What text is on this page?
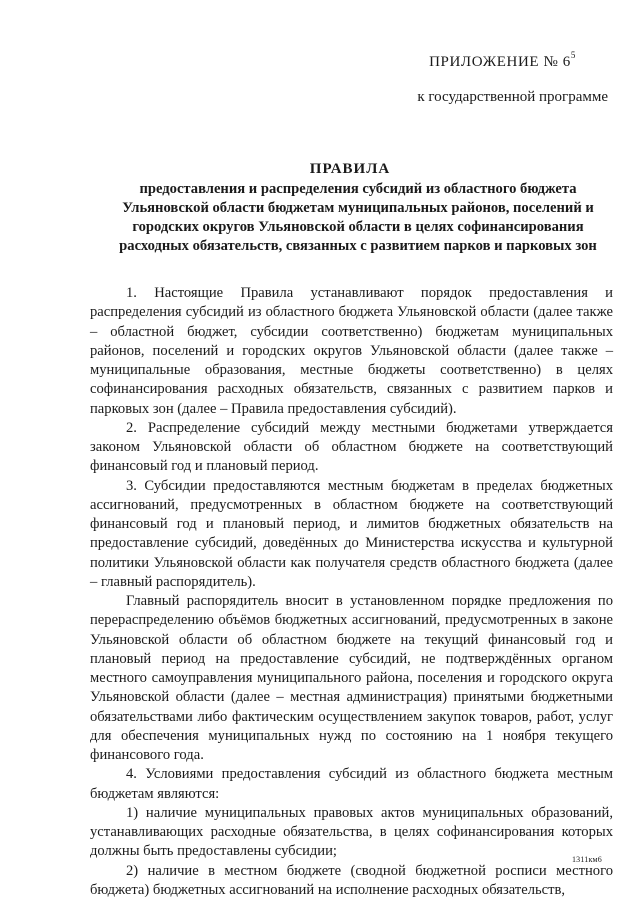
ПРИЛОЖЕНИЕ № $6^5$
к государственной программе
ПРАВИЛА
предоставления и распределения субсидий из областного бюджета Ульяновской области бюджетам муниципальных районов, поселений и городских округов Ульяновской области в целях софинансирования расходных обязательств, связанных с развитием парков и парковых зон

1. Настоящие Правила устанавливают порядок предоставления и распределения субсидий из областного бюджета Ульяновской области (далее также – областной бюджет, субсидии соответственно) бюджетам муниципальных районов, поселений и городских округов Ульяновской области (далее также – муниципальные образования, местные бюджеты соответственно) в целях софинансирования расходных обязательств, связанных с развитием парков и парковых зон (далее – Правила предоставления субсидий).

2. Распределение субсидий между местными бюджетами утверждается законом Ульяновской области об областном бюджете на соответствующий финансовый год и плановый период.

3. Субсидии предоставляются местным бюджетам в пределах бюджетных ассигнований, предусмотренных в областном бюджете на соответствующий финансовый год и плановый период, и лимитов бюджетных обязательств на предоставление субсидий, доведённых до Министерства искусства и культурной политики Ульяновской области как получателя средств областного бюджета (далее – главный распорядитель).

Главный распорядитель вносит в установленном порядке предложения по перераспределению объёмов бюджетных ассигнований, предусмотренных в законе Ульяновской области об областном бюджете на текущий финансовый год и плановый период на предоставление субсидий, не подтверждённых органом местного самоуправления муниципального района, поселения и городского округа Ульяновской области (далее – местная администрация) принятыми бюджетными обязательствами либо фактическим осуществлением закупок товаров, работ, услуг для обеспечения муниципальных нужд по состоянию на 1 ноября текущего финансового года.

4. Условиями предоставления субсидий из областного бюджета местным бюджетам являются:

1) наличие муниципальных правовых актов муниципальных образований, устанавливающих расходные обязательства, в целях софинансирования которых должны быть предоставлены субсидии;

2) наличие в местном бюджете (сводной бюджетной росписи местного бюджета) бюджетных ассигнований на исполнение расходных обязательств,

1311км6
